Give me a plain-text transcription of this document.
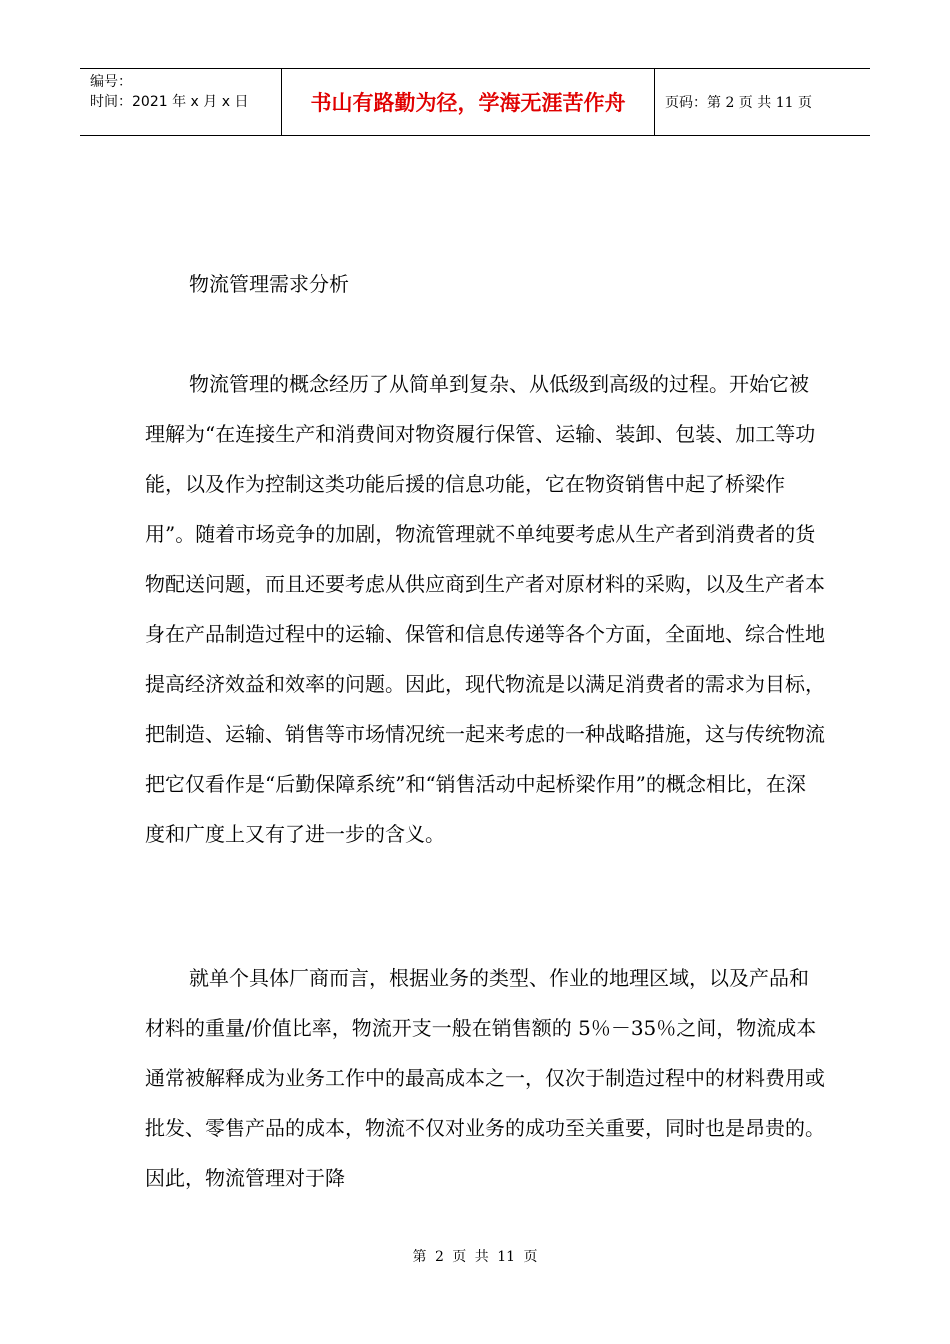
编号：
时间：2021 年 x 月 x 日	书山有路勤为径，学海无涯苦作舟	页码：第 2 页 共 11 页
物流管理需求分析

物流管理的概念经历了从简单到复杂、从低级到高级的过程。开始它被理解为“在连接生产和消费间对物资履行保管、运输、装卸、包装、加工等功能，以及作为控制这类功能后援的信息功能，它在物资销售中起了桥梁作用”。随着市场竞争的加剧，物流管理就不单纯要考虑从生产者到消费者的货物配送问题，而且还要考虑从供应商到生产者对原材料的采购，以及生产者本身在产品制造过程中的运输、保管和信息传递等各个方面，全面地、综合性地提高经济效益和效率的问题。因此，现代物流是以满足消费者的需求为目标，把制造、运输、销售等市场情况统一起来考虑的一种战略措施，这与传统物流把它仅看作是“后勤保障系统”和“销售活动中起桥梁作用”的概念相比，在深度和广度上又有了进一步的含义。

就单个具体厂商而言，根据业务的类型、作业的地理区域，以及产品和材料的重量/价值比率，物流开支一般在销售额的 5％－35％之间，物流成本通常被解释成为业务工作中的最高成本之一，仅次于制造过程中的材料费用或批发、零售产品的成本，物流不仅对业务的成功至关重要，同时也是昂贵的。因此，物流管理对于降

第 2 页 共 11 页
